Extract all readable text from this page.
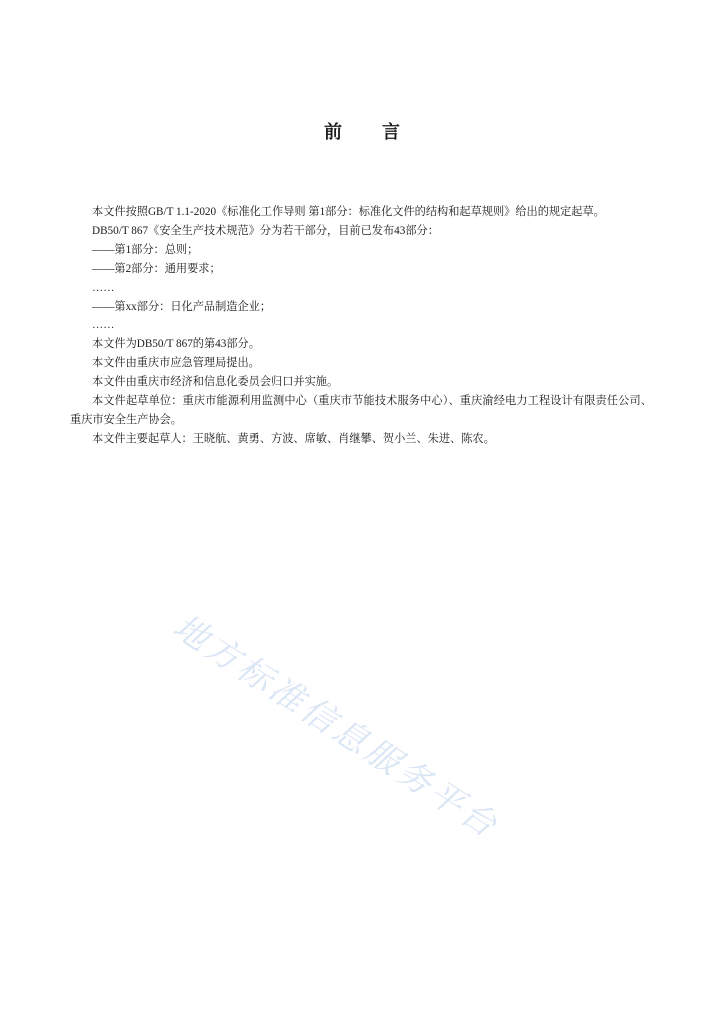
前 言

本文件按照GB/T 1.1-2020《标准化工作导则 第1部分：标准化文件的结构和起草规则》给出的规定起草。

DB50/T 867《安全生产技术规范》分为若干部分，目前已发布43部分：

——第1部分：总则；

——第2部分：通用要求；

……

——第xx部分：日化产品制造企业；

……

本文件为DB50/T 867的第43部分。

本文件由重庆市应急管理局提出。

本文件由重庆市经济和信息化委员会归口并实施。

本文件起草单位：重庆市能源利用监测中心（重庆市节能技术服务中心）、重庆渝经电力工程设计有限责任公司、重庆市安全生产协会。

本文件主要起草人：王晓航、黄勇、方波、席敏、肖继攀、贺小兰、朱进、陈农。

地方标准信息服务平台
